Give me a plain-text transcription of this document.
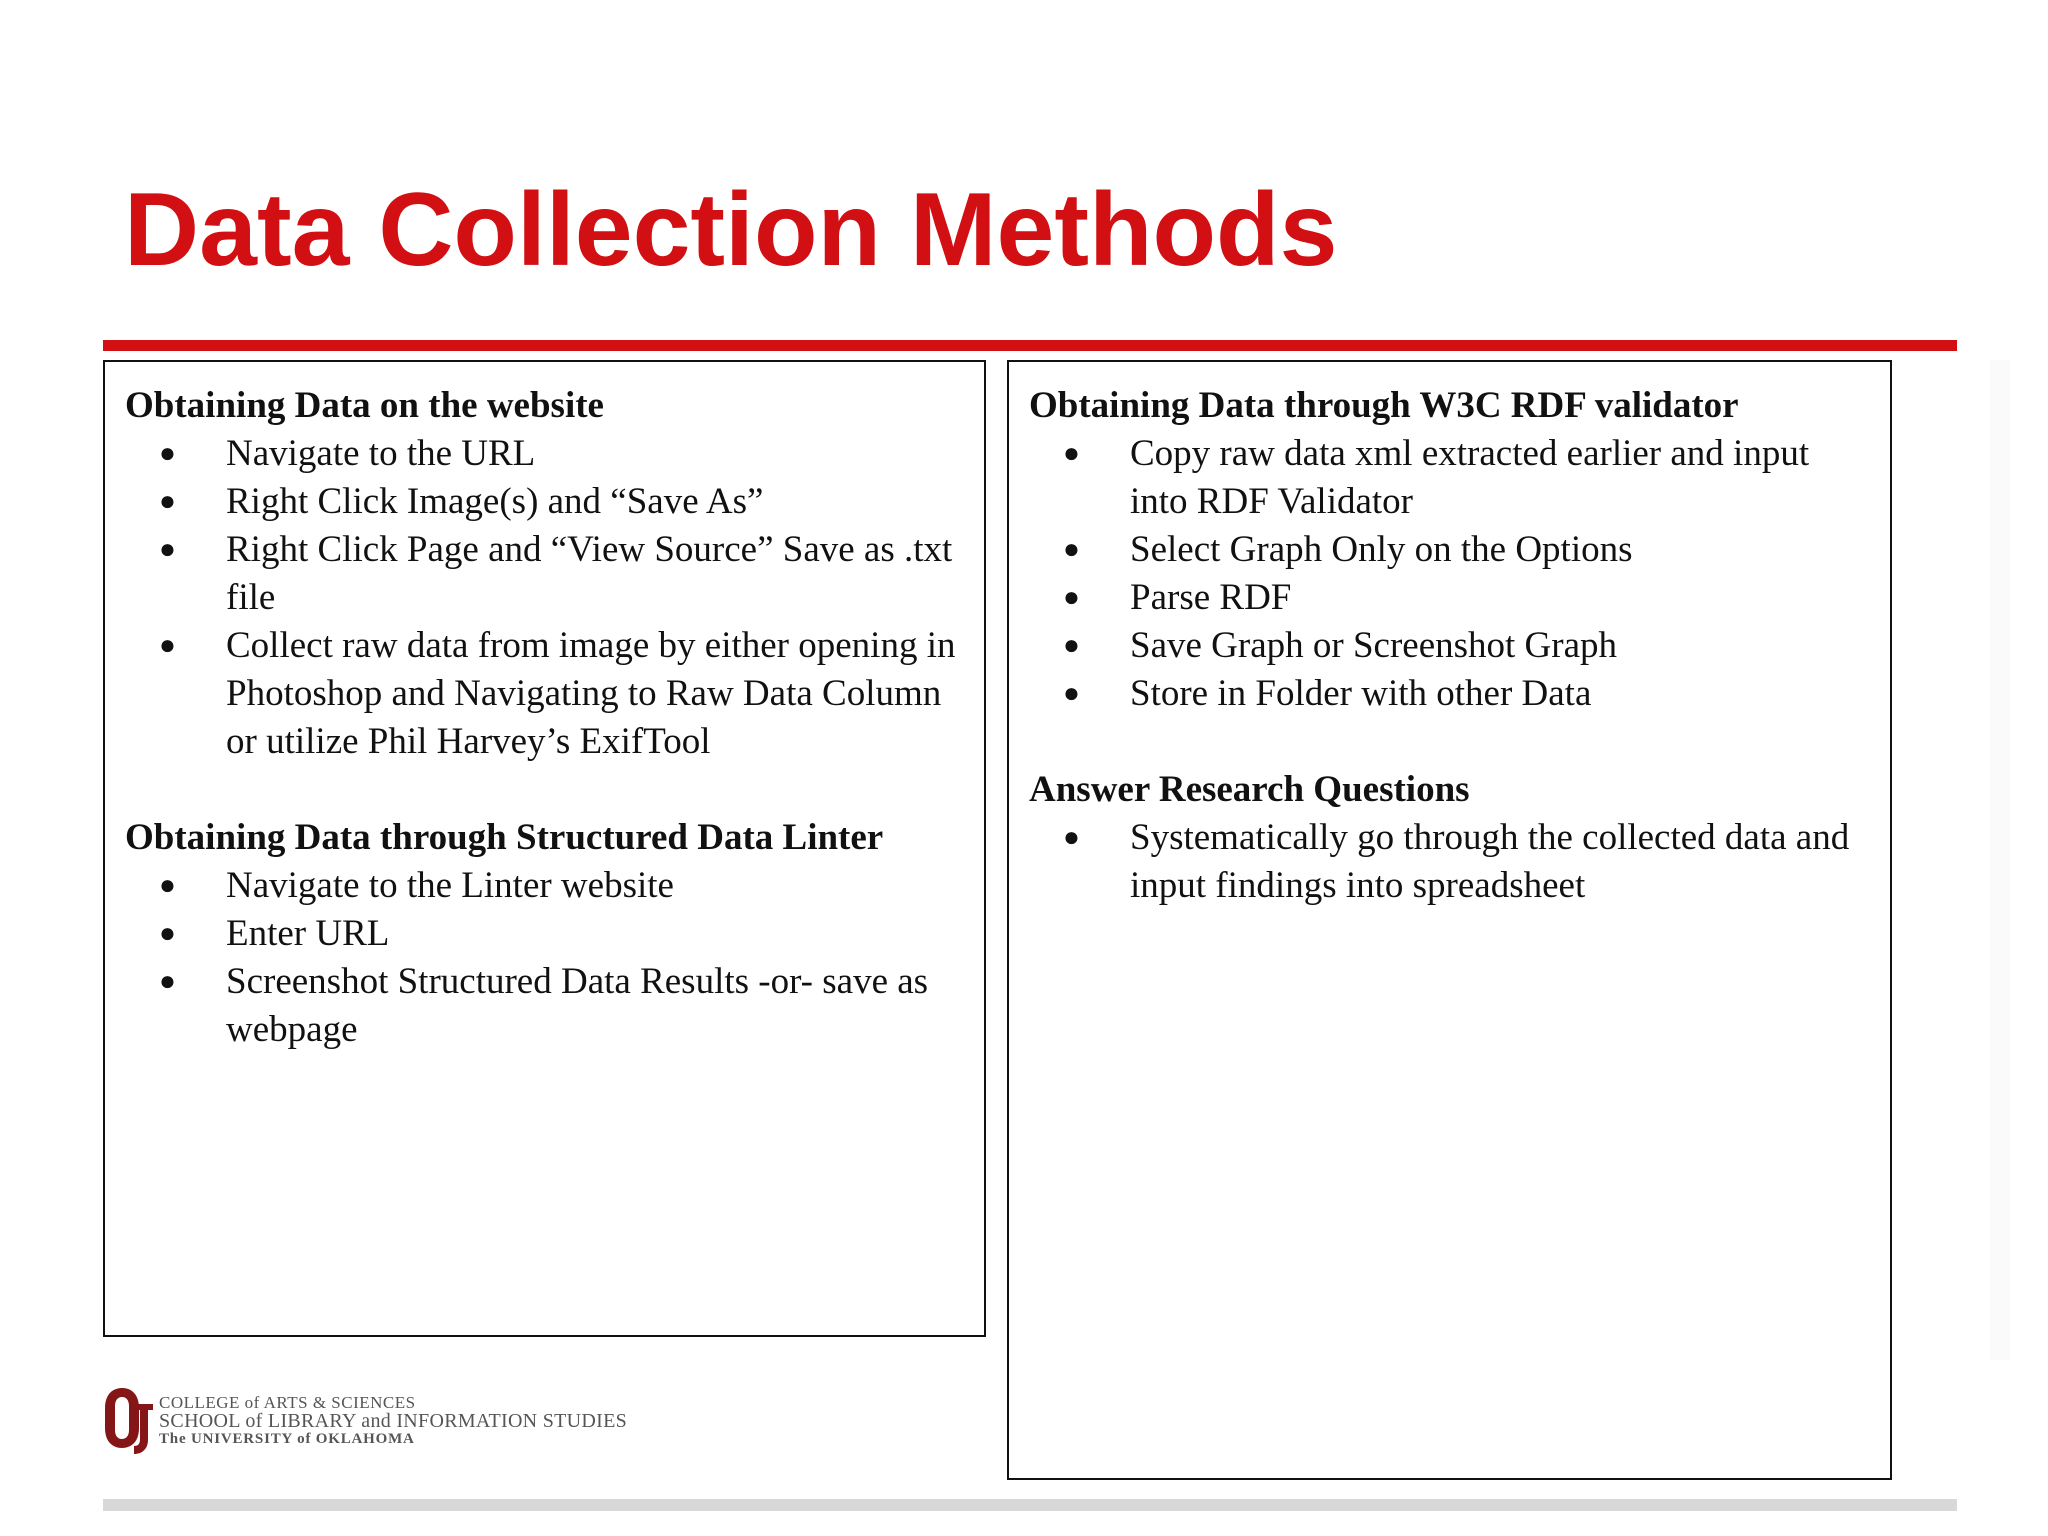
Data Collection Methods
Obtaining Data on the website
● Navigate to the URL
● Right Click Image(s) and “Save As”
● Right Click Page and “View Source” Save as .txt file
● Collect raw data from image by either opening in Photoshop and Navigating to Raw Data Column or utilize Phil Harvey’s ExifTool
Obtaining Data through Structured Data Linter
● Navigate to the Linter website
● Enter URL
● Screenshot Structured Data Results -or- save as webpage
Obtaining Data through W3C RDF validator
● Copy raw data xml extracted earlier and input into RDF Validator
● Select Graph Only on the Options
● Parse RDF
● Save Graph or Screenshot Graph
● Store in Folder with other Data
Answer Research Questions
● Systematically go through the collected data and input findings into spreadsheet
COLLEGE of ARTS & SCIENCES
SCHOOL of LIBRARY and INFORMATION STUDIES
The UNIVERSITY of OKLAHOMA
